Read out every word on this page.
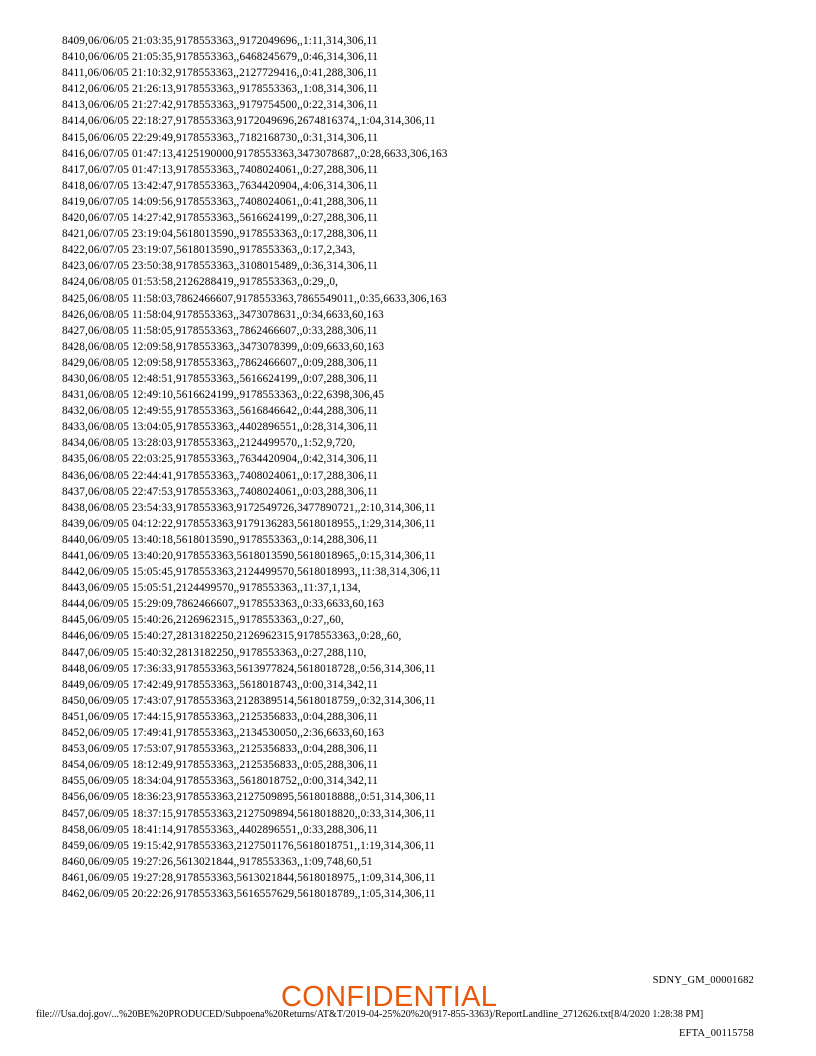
8409,06/06/05 21:03:35,9178553363,,9172049696,,1:11,314,306,11
8410,06/06/05 21:05:35,9178553363,,6468245679,,0:46,314,306,11
8411,06/06/05 21:10:32,9178553363,,2127729416,,0:41,288,306,11
8412,06/06/05 21:26:13,9178553363,,9178553363,,1:08,314,306,11
8413,06/06/05 21:27:42,9178553363,,9179754500,,0:22,314,306,11
8414,06/06/05 22:18:27,9178553363,9172049696,2674816374,,1:04,314,306,11
8415,06/06/05 22:29:49,9178553363,,7182168730,,0:31,314,306,11
8416,06/07/05 01:47:13,4125190000,9178553363,3473078687,,0:28,6633,306,163
8417,06/07/05 01:47:13,9178553363,,7408024061,,0:27,288,306,11
8418,06/07/05 13:42:47,9178553363,,7634420904,,4:06,314,306,11
8419,06/07/05 14:09:56,9178553363,,7408024061,,0:41,288,306,11
8420,06/07/05 14:27:42,9178553363,,5616624199,,0:27,288,306,11
8421,06/07/05 23:19:04,5618013590,,9178553363,,0:17,288,306,11
8422,06/07/05 23:19:07,5618013590,,9178553363,,0:17,2,343,
8423,06/07/05 23:50:38,9178553363,,3108015489,,0:36,314,306,11
8424,06/08/05 01:53:58,2126288419,,9178553363,,0:29,,0,
8425,06/08/05 11:58:03,7862466607,9178553363,7865549011,,0:35,6633,306,163
8426,06/08/05 11:58:04,9178553363,,3473078631,,0:34,6633,60,163
8427,06/08/05 11:58:05,9178553363,,7862466607,,0:33,288,306,11
8428,06/08/05 12:09:58,9178553363,,3473078399,,0:09,6633,60,163
8429,06/08/05 12:09:58,9178553363,,7862466607,,0:09,288,306,11
8430,06/08/05 12:48:51,9178553363,,5616624199,,0:07,288,306,11
8431,06/08/05 12:49:10,5616624199,,9178553363,,0:22,6398,306,45
8432,06/08/05 12:49:55,9178553363,,5616846642,,0:44,288,306,11
8433,06/08/05 13:04:05,9178553363,,4402896551,,0:28,314,306,11
8434,06/08/05 13:28:03,9178553363,,2124499570,,1:52,9,720,
8435,06/08/05 22:03:25,9178553363,,7634420904,,0:42,314,306,11
8436,06/08/05 22:44:41,9178553363,,7408024061,,0:17,288,306,11
8437,06/08/05 22:47:53,9178553363,,7408024061,,0:03,288,306,11
8438,06/08/05 23:54:33,9178553363,9172549726,3477890721,,2:10,314,306,11
8439,06/09/05 04:12:22,9178553363,9179136283,5618018955,,1:29,314,306,11
8440,06/09/05 13:40:18,5618013590,,9178553363,,0:14,288,306,11
8441,06/09/05 13:40:20,9178553363,5618013590,5618018965,,0:15,314,306,11
8442,06/09/05 15:05:45,9178553363,2124499570,5618018993,,11:38,314,306,11
8443,06/09/05 15:05:51,2124499570,,9178553363,,11:37,1,134,
8444,06/09/05 15:29:09,7862466607,,9178553363,,0:33,6633,60,163
8445,06/09/05 15:40:26,2126962315,,9178553363,,0:27,,60,
8446,06/09/05 15:40:27,2813182250,2126962315,9178553363,,0:28,,60,
8447,06/09/05 15:40:32,2813182250,,9178553363,,0:27,288,110,
8448,06/09/05 17:36:33,9178553363,5613977824,5618018728,,0:56,314,306,11
8449,06/09/05 17:42:49,9178553363,,5618018743,,0:00,314,342,11
8450,06/09/05 17:43:07,9178553363,2128389514,5618018759,,0:32,314,306,11
8451,06/09/05 17:44:15,9178553363,,2125356833,,0:04,288,306,11
8452,06/09/05 17:49:41,9178553363,,2134530050,,2:36,6633,60,163
8453,06/09/05 17:53:07,9178553363,,2125356833,,0:04,288,306,11
8454,06/09/05 18:12:49,9178553363,,2125356833,,0:05,288,306,11
8455,06/09/05 18:34:04,9178553363,,5618018752,,0:00,314,342,11
8456,06/09/05 18:36:23,9178553363,2127509895,5618018888,,0:51,314,306,11
8457,06/09/05 18:37:15,9178553363,2127509894,5618018820,,0:33,314,306,11
8458,06/09/05 18:41:14,9178553363,,4402896551,,0:33,288,306,11
8459,06/09/05 19:15:42,9178553363,2127501176,5618018751,,1:19,314,306,11
8460,06/09/05 19:27:26,5613021844,,9178553363,,1:09,748,60,51
8461,06/09/05 19:27:28,9178553363,5613021844,5618018975,,1:09,314,306,11
8462,06/09/05 20:22:26,9178553363,5616557629,5618018789,,1:05,314,306,11
SDNY_GM_00001682
CONFIDENTIAL
file:///Usa.doj.gov/...%20BE%20PRODUCED/Subpoena%20Returns/AT&T/2019-04-25%20%20(917-855-3363)/ReportLandline_2712626.txt[8/4/2020 1:28:38 PM]
EFTA_00115758
